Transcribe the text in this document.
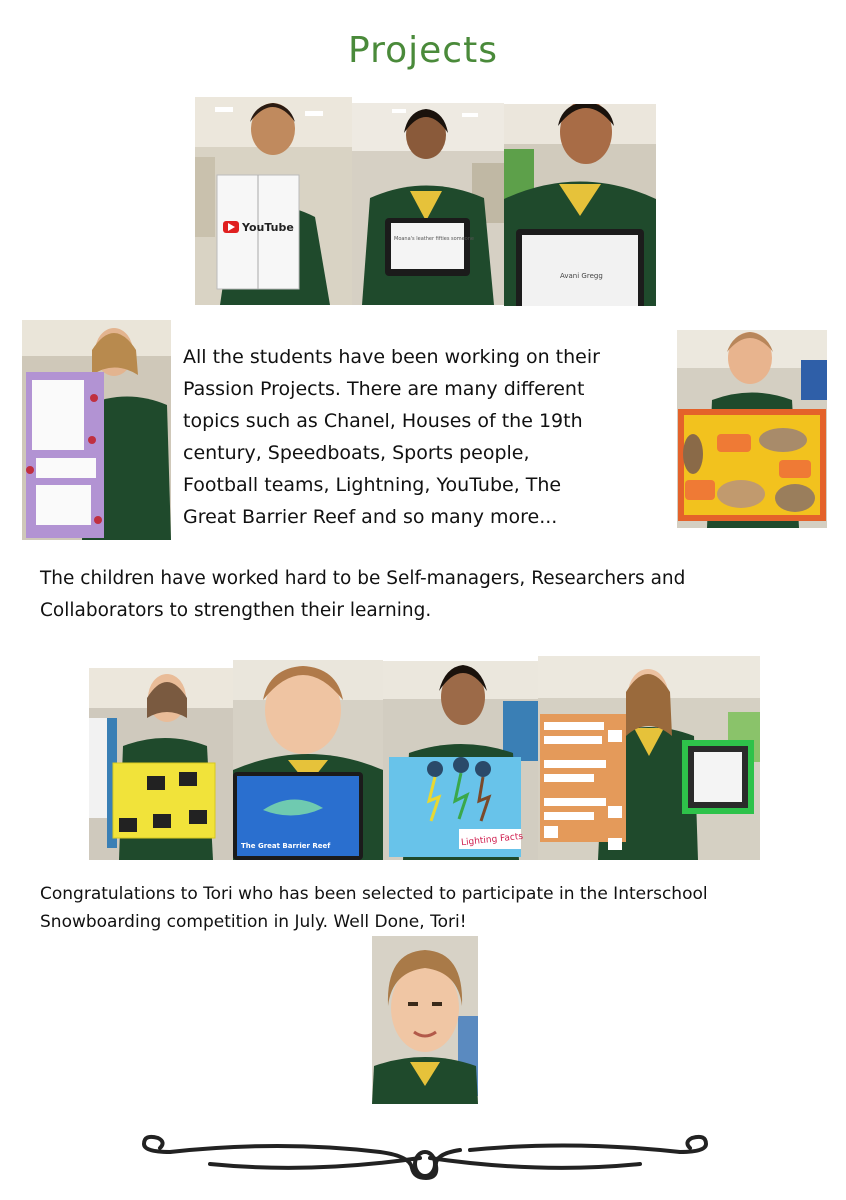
Projects
YouTube
Moana's leather fifties someone
Avani Gregg
All the students have been working on their
Passion Projects. There are many different
topics such as Chanel, Houses of the 19th
century, Speedboats, Sports people,
Football teams, Lightning, YouTube, The
Great Barrier Reef and so many more...
The children have worked hard to be Self-managers, Researchers and
Collaborators to strengthen their learning.
The Great Barrier Reef	Lighting Facts
Congratulations to Tori who has been selected to participate in the Interschool
Snowboarding competition in July. Well Done, Tori!
